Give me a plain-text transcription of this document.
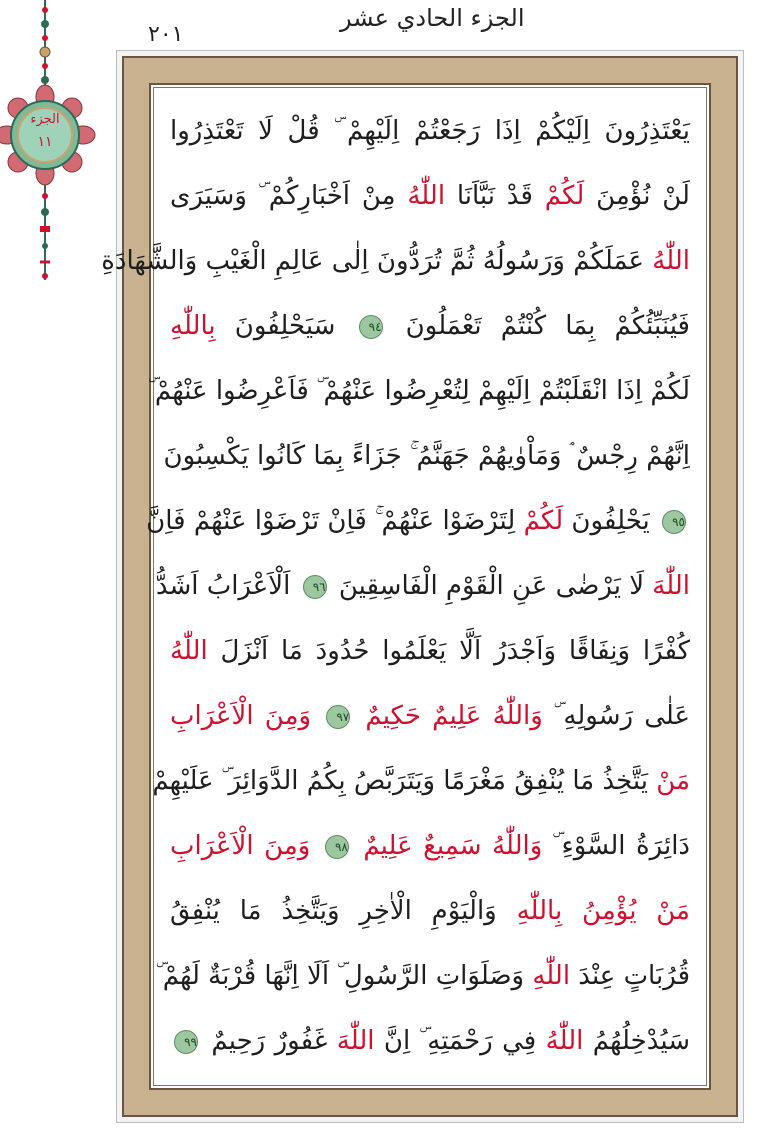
الجزء الحادي عشر
٢٠١
الجزء
١١	يَعْتَذِرُونَ اِلَيْكُمْ اِذَا رَجَعْتُمْ اِلَيْهِمْ ۜ قُلْ لَا تَعْتَذِرُوا
لَنْ نُؤْمِنَ لَكُمْ قَدْ نَبَّاَنَا اللّٰهُ مِنْ اَخْبَارِكُمْ ۜ وَسَيَرَى
اللّٰهُ عَمَلَكُمْ وَرَسُولُهُ ثُمَّ تُرَدُّونَ اِلٰى عَالِمِ الْغَيْبِ وَالشَّهَادَةِ
فَيُنَبِّئُكُمْ بِمَا كُنْتُمْ تَعْمَلُونَ ٩٤ سَيَحْلِفُونَ بِاللّٰهِ
لَكُمْ اِذَا انْقَلَبْتُمْ اِلَيْهِمْ لِتُعْرِضُوا عَنْهُمْ ۜ فَاَعْرِضُوا عَنْهُمْ ۜ
اِنَّهُمْ رِجْسٌ ۘ وَمَاْوٰيهُمْ جَهَنَّمُ ۚ جَزَاءً بِمَا كَانُوا يَكْسِبُونَ
٩٥ يَحْلِفُونَ لَكُمْ لِتَرْضَوْا عَنْهُمْ ۚ فَاِنْ تَرْضَوْا عَنْهُمْ فَاِنَّ
اللّٰهَ لَا يَرْضٰى عَنِ الْقَوْمِ الْفَاسِقِينَ ٩٦ اَلْاَعْرَابُ اَشَدُّ
كُفْرًا وَنِفَاقًا وَاَجْدَرُ اَلَّا يَعْلَمُوا حُدُودَ مَا اَنْزَلَ اللّٰهُ
عَلٰى رَسُولِهِ ۜ وَاللّٰهُ عَلِيمٌ حَكِيمٌ ٩٧ وَمِنَ الْاَعْرَابِ
مَنْ يَتَّخِذُ مَا يُنْفِقُ مَغْرَمًا وَيَتَرَبَّصُ بِكُمُ الدَّوَائِرَ ۜ عَلَيْهِمْ
دَائِرَةُ السَّوْءِ ۜ وَاللّٰهُ سَمِيعٌ عَلِيمٌ ٩٨ وَمِنَ الْاَعْرَابِ
مَنْ يُؤْمِنُ بِاللّٰهِ وَالْيَوْمِ الْاٰخِرِ وَيَتَّخِذُ مَا يُنْفِقُ
قُرُبَاتٍ عِنْدَ اللّٰهِ وَصَلَوَاتِ الرَّسُولِ ۜ اَلَا اِنَّهَا قُرْبَةٌ لَهُمْ ۜ
سَيُدْخِلُهُمُ اللّٰهُ فِي رَحْمَتِهِ ۜ اِنَّ اللّٰهَ غَفُورٌ رَحِيمٌ ٩٩
